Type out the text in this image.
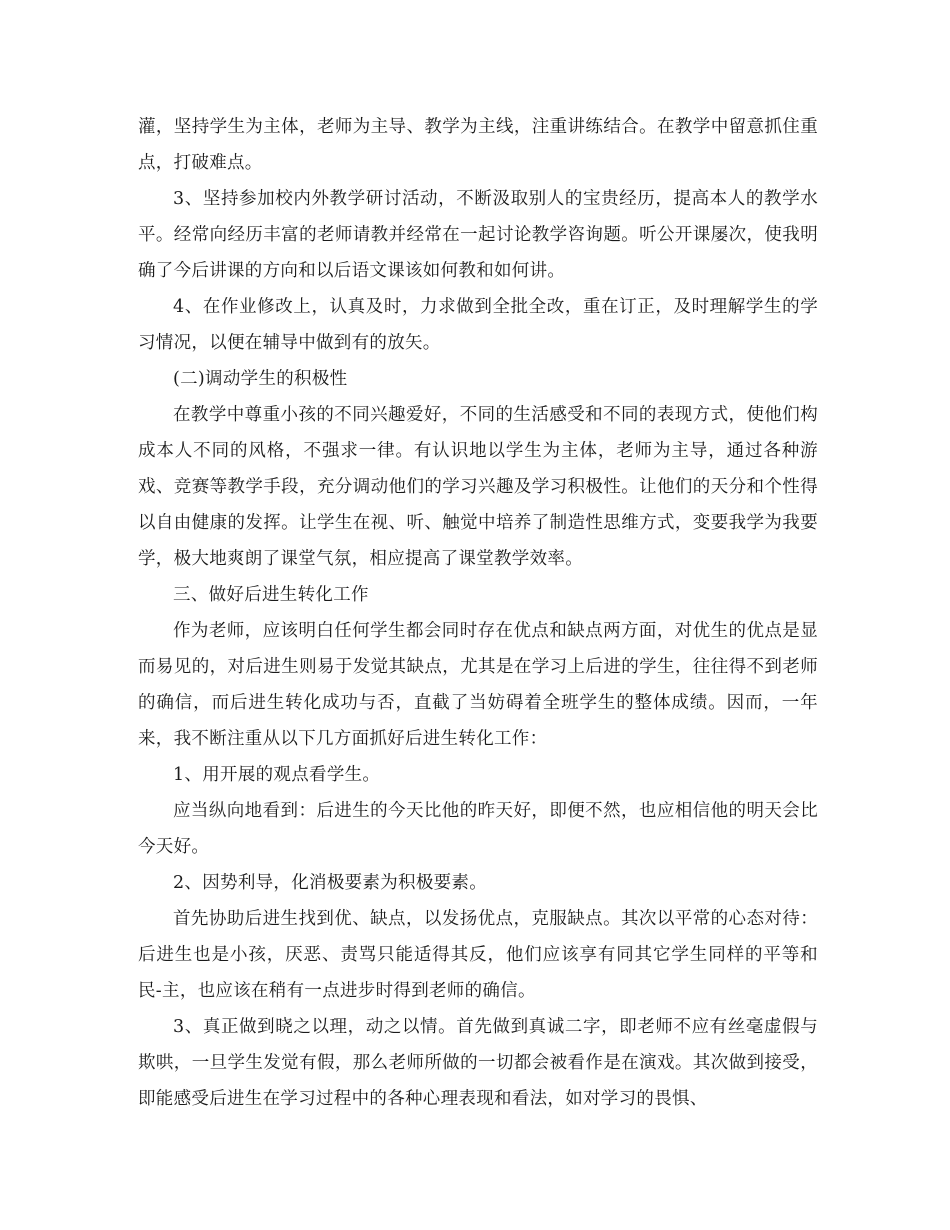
灌，坚持学生为主体，老师为主导、教学为主线，注重讲练结合。在教学中留意抓住重点，打破难点。

3、坚持参加校内外教学研讨活动，不断汲取别人的宝贵经历，提高本人的教学水平。经常向经历丰富的老师请教并经常在一起讨论教学咨询题。听公开课屡次，使我明确了今后讲课的方向和以后语文课该如何教和如何讲。

4、在作业修改上，认真及时，力求做到全批全改，重在订正，及时理解学生的学习情况，以便在辅导中做到有的放矢。

(二)调动学生的积极性

在教学中尊重小孩的不同兴趣爱好，不同的生活感受和不同的表现方式，使他们构成本人不同的风格，不强求一律。有认识地以学生为主体，老师为主导，通过各种游戏、竞赛等教学手段，充分调动他们的学习兴趣及学习积极性。让他们的天分和个性得以自由健康的发挥。让学生在视、听、触觉中培养了制造性思维方式，变要我学为我要学，极大地爽朗了课堂气氛，相应提高了课堂教学效率。

三、做好后进生转化工作

作为老师，应该明白任何学生都会同时存在优点和缺点两方面，对优生的优点是显而易见的，对后进生则易于发觉其缺点，尤其是在学习上后进的学生，往往得不到老师的确信，而后进生转化成功与否，直截了当妨碍着全班学生的整体成绩。因而，一年来，我不断注重从以下几方面抓好后进生转化工作：

1、用开展的观点看学生。

应当纵向地看到：后进生的今天比他的昨天好，即便不然，也应相信他的明天会比今天好。

2、因势利导，化消极要素为积极要素。

首先协助后进生找到优、缺点，以发扬优点，克服缺点。其次以平常的心态对待：后进生也是小孩，厌恶、责骂只能适得其反，他们应该享有同其它学生同样的平等和民-主，也应该在稍有一点进步时得到老师的确信。

3、真正做到晓之以理，动之以情。首先做到真诚二字，即老师不应有丝毫虚假与欺哄，一旦学生发觉有假，那么老师所做的一切都会被看作是在演戏。其次做到接受，即能感受后进生在学习过程中的各种心理表现和看法，如对学习的畏惧、
